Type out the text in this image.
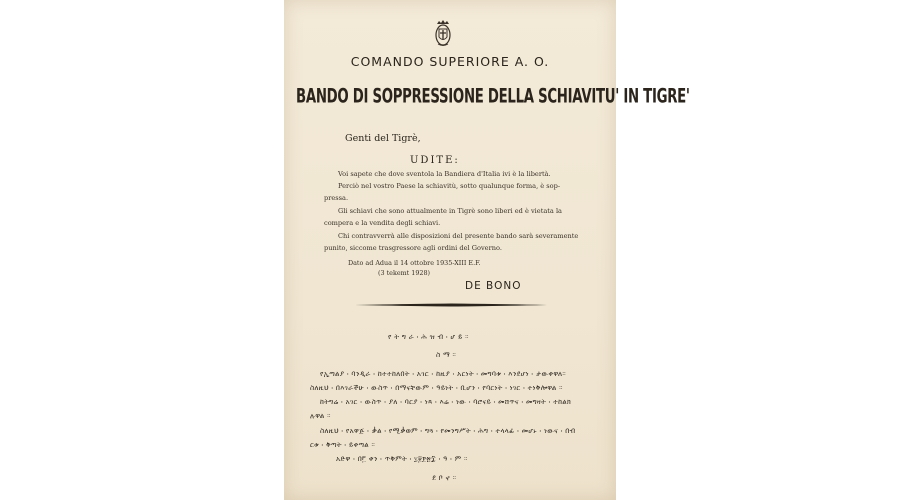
COMANDO SUPERIORE A. O.
BANDO DI SOPPRESSIONE DELLA SCHIAVITU' IN TIGRE'
Genti del Tigrè,
UDITE:
Voi sapete che dove sventola la Bandiera d'Italia ivi è la libertà.
Perciò nel vostro Paese la schiavitù, sotto qualunque forma, è sop-
pressa.
Gli schiavi che sono attualmente in Tigrè sono liberi ed è vietata la
compera e la vendita degli schiavi.
Chi contravverrà alle disposizioni del presente bando sarà severamente
punito, siccome trasgressore agli ordini del Governo.
Dato ad Adua il 14 ottobre 1935-XIII E.F.
(3 tekemt 1928)
DE BONO
የ ት ግ ራ ፡ ሕ ዝ ብ ፡ ሆ ይ ።
ስ ማ ።
የኢጣልያ ፡ ባንዲራ ፡ ከተተከለበት ፡ አገር ፡ ከዚያ ፡ አርነት ፡ መግባቱ ፡ እንደሆነ ፡ ታውቀዋለ።
ስለዚህ ፡ በእገራችሁ ፡ ውስጥ ፡ በማናቸውም ፡ ዓይነት ፡ ቢሆን ፡ የባርነት ፡ ነገር ፡ ተነቅሎዋል ።
ከትግሬ ፡ አገር ፡ ውስጥ ፡ ያለ ፡ ባርያ ፡ ነጻ ፡ እሬ ፡ ነው ፡ ባሮናይ ፡ መሸጥና ፡ መግዛት ፡ ተከልክ
ሉዋል ።
ስለዚህ ፡ የአዋጅ ፡ ቃል ፡ የሚቃወም ፡ ግጓ ፡ የመንግሥት ፡ ሕግ ፡ ተላላፊ ፡ መሆኑ ፡ ነውና ፡ በብ
ርቱ ፡ ቅጣት ፡ ይቀጣል ።
አድዋ ፡ በ፫ ቀን ፡ ጥቅምት ፡ ፲፱፻፳፰ ፡ ዓ ፡ ም ።
ደ ቦ ኖ ።
